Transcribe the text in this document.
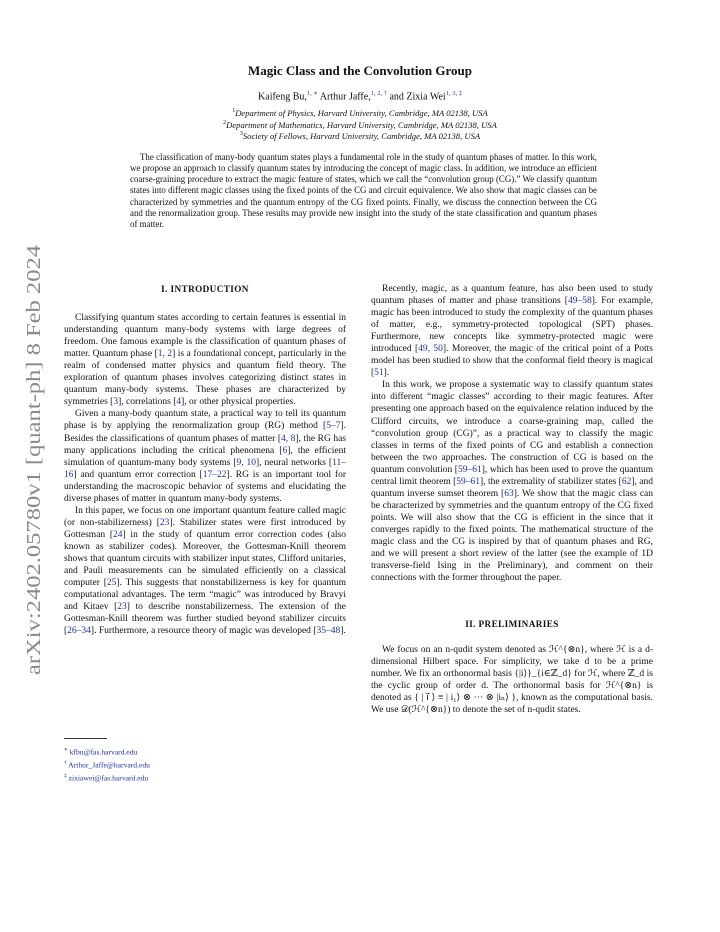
arXiv:2402.05780v1 [quant-ph] 8 Feb 2024
Magic Class and the Convolution Group
Kaifeng Bu,$^{1, ∗}$ Arthur Jaffe,$^{1, 2, \dagger}$ and Zixia Wei$^{1, 3, \ddagger}$
$^1$Department of Physics, Harvard University, Cambridge, MA 02138, USA
$^2$Department of Mathematics, Harvard University, Cambridge, MA 02138, USA
$^3$Society of Fellows, Harvard University, Cambridge, MA 02138, USA

The classification of many-body quantum states plays a fundamental role in the study of quantum phases of matter. In this work, we propose an approach to classify quantum states by introducing the concept of magic class. In addition, we introduce an efficient coarse-graining procedure to extract the magic feature of states, which we call the “convolution group (CG).” We classify quantum states into different magic classes using the fixed points of the CG and circuit equivalence. We also show that magic classes can be characterized by symmetries and the quantum entropy of the CG fixed points. Finally, we discuss the connection between the CG and the renormalization group. These results may provide new insight into the study of the state classification and quantum phases of matter.

I. INTRODUCTION

Classifying quantum states according to certain features is essential in understanding quantum many-body systems with large degrees of freedom. One famous example is the classification of quantum phases of matter. Quantum phase [1, 2] is a foundational concept, particularly in the realm of condensed matter physics and quantum field theory. The exploration of quantum phases involves categorizing distinct states in quantum many-body systems. These phases are characterized by symmetries [3], correlations [4], or other physical properties.

Given a many-body quantum state, a practical way to tell its quantum phase is by applying the renormalization group (RG) method [5–7]. Besides the classifications of quantum phases of matter [4, 8], the RG has many applications including the critical phenomena [6], the efficient simulation of quantum-many body systems [9, 10], neural networks [11–16] and quantum error correction [17–22]. RG is an important tool for understanding the macroscopic behavior of systems and elucidating the diverse phases of matter in quantum many-body systems.

In this paper, we focus on one important quantum feature called magic (or non-stabilizerness) [23]. Stabilizer states were first introduced by Gottesman [24] in the study of quantum error correction codes (also known as stabilizer codes). Moreover, the Gottesman-Knill theorem shows that quantum circuits with stabilizer input states, Clifford unitaries, and Pauli measurements can be simulated efficiently on a classical computer [25]. This suggests that nonstabilizerness is key for quantum computational advantages. The term “magic” was introduced by Bravyi and Kitaev [23] to describe nonstabilizerness. The extension of the Gottesman-Knill theorem was further studied beyond stabilizer circuits [26–34]. Furthermore, a resource theory of magic was developed [35–48].

Recently, magic, as a quantum feature, has also been used to study quantum phases of matter and phase transitions [49–58]. For example, magic has been introduced to study the complexity of the quantum phases of matter, e.g., symmetry-protected topological (SPT) phases. Furthermore, new concepts like symmetry-protected magic were introduced [49, 50]. Moreover, the magic of the critical point of a Potts model has been studied to show that the conformal field theory is magical [51].

In this work, we propose a systematic way to classify quantum states into different “magic classes” according to their magic features. After presenting one approach based on the equivalence relation induced by the Clifford circuits, we introduce a coarse-graining map, called the “convolution group (CG)”, as a practical way to classify the magic classes in terms of the fixed points of CG and establish a connection between the two approaches. The construction of CG is based on the quantum convolution [59–61], which has been used to prove the quantum central limit theorem [59–61], the extremality of stabilizer states [62], and quantum inverse sumset theorem [63]. We show that the magic class can be characterized by symmetries and the quantum entropy of the CG fixed points. We will also show that the CG is efficient in the since that it converges rapidly to the fixed points. The mathematical structure of the magic class and the CG is inspired by that of quantum phases and RG, and we will present a short review of the latter (see the example of 1D transverse-field Ising in the Preliminary), and comment on their connections with the former throughout the paper.

II. PRELIMINARIES

We focus on an n-qudit system denoted as ℋ^{⊗n}, where ℋ is a d-dimensional Hilbert space. For simplicity, we take d to be a prime number. We fix an orthonormal basis {|i⟩}_{i∈ℤ_d} for ℋ, where ℤ_d is the cyclic group of order d. The orthonormal basis for ℋ^{⊗n} is denoted as { | i⃗ ⟩ ≡ | i₁⟩ ⊗ ··· ⊗ |iₙ⟩ }, known as the computational basis. We use 𝒟(ℋ^{⊗n}) to denote the set of n-qudit states.

∗ kfbu@fas.harvard.edu
† Arthur_Jaffe@harvard.edu
‡ zixiawei@fas.harvard.edu
